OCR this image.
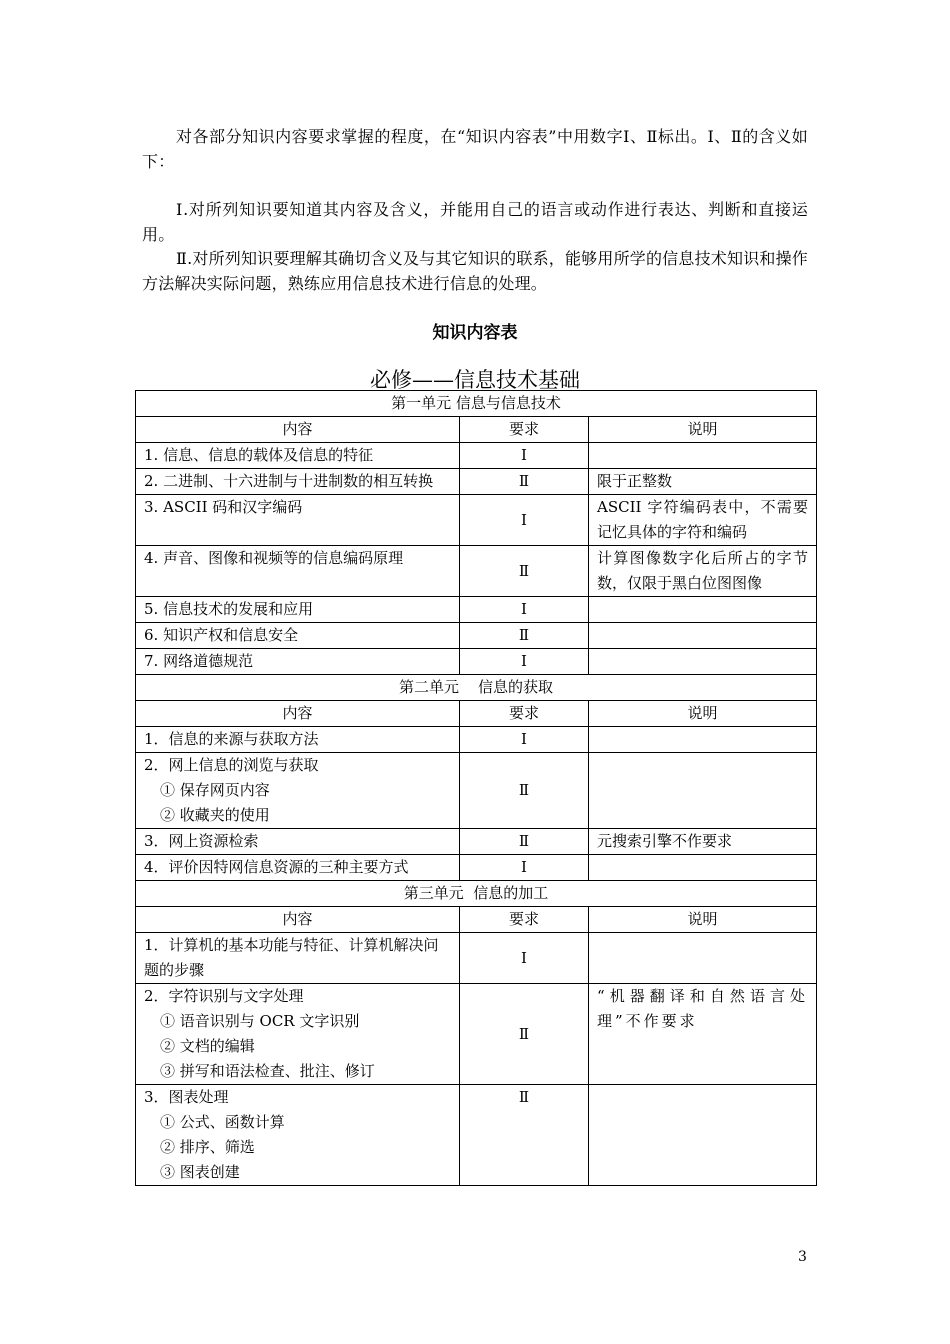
对各部分知识内容要求掌握的程度，在“知识内容表”中用数字Ⅰ、Ⅱ标出。Ⅰ、Ⅱ的含义如下：

Ⅰ.对所列知识要知道其内容及含义，并能用自己的语言或动作进行表达、判断和直接运用。

Ⅱ.对所列知识要理解其确切含义及与其它知识的联系，能够用所学的信息技术知识和操作方法解决实际问题，熟练应用信息技术进行信息的处理。

知识内容表
必修——信息技术基础
第一单元 信息与信息技术		
内容	要求	说明
1. 信息、信息的载体及信息的特征	Ⅰ	
2. 二进制、十六进制与十进制数的相互转换	Ⅱ	限于正整数
3. ASCII 码和汉字编码	Ⅰ	ASCII 字符编码表中，不需要记忆具体的字符和编码
4. 声音、图像和视频等的信息编码原理	Ⅱ	计算图像数字化后所占的字节数，仅限于黑白位图图像
5. 信息技术的发展和应用	Ⅰ	
6. 知识产权和信息安全	Ⅱ	
7. 网络道德规范	Ⅰ	
第二单元    信息的获取		
内容	要求	说明
1．信息的来源与获取方法	Ⅰ	
2．网上信息的浏览与获取
① 保存网页内容
② 收藏夹的使用	Ⅱ	
3．网上资源检索	Ⅱ	元搜索引擎不作要求
4．评价因特网信息资源的三种主要方式	Ⅰ	
第三单元  信息的加工		
内容	要求	说明
1．计算机的基本功能与特征、计算机解决问题的步骤	Ⅰ	
2．字符识别与文字处理
① 语音识别与 OCR 文字识别
② 文档的编辑
③ 拼写和语法检查、批注、修订	Ⅱ	“机器翻译和自然语言处理”不作要求
3．图表处理
① 公式、函数计算
② 排序、筛选
③ 图表创建	Ⅱ	
3
